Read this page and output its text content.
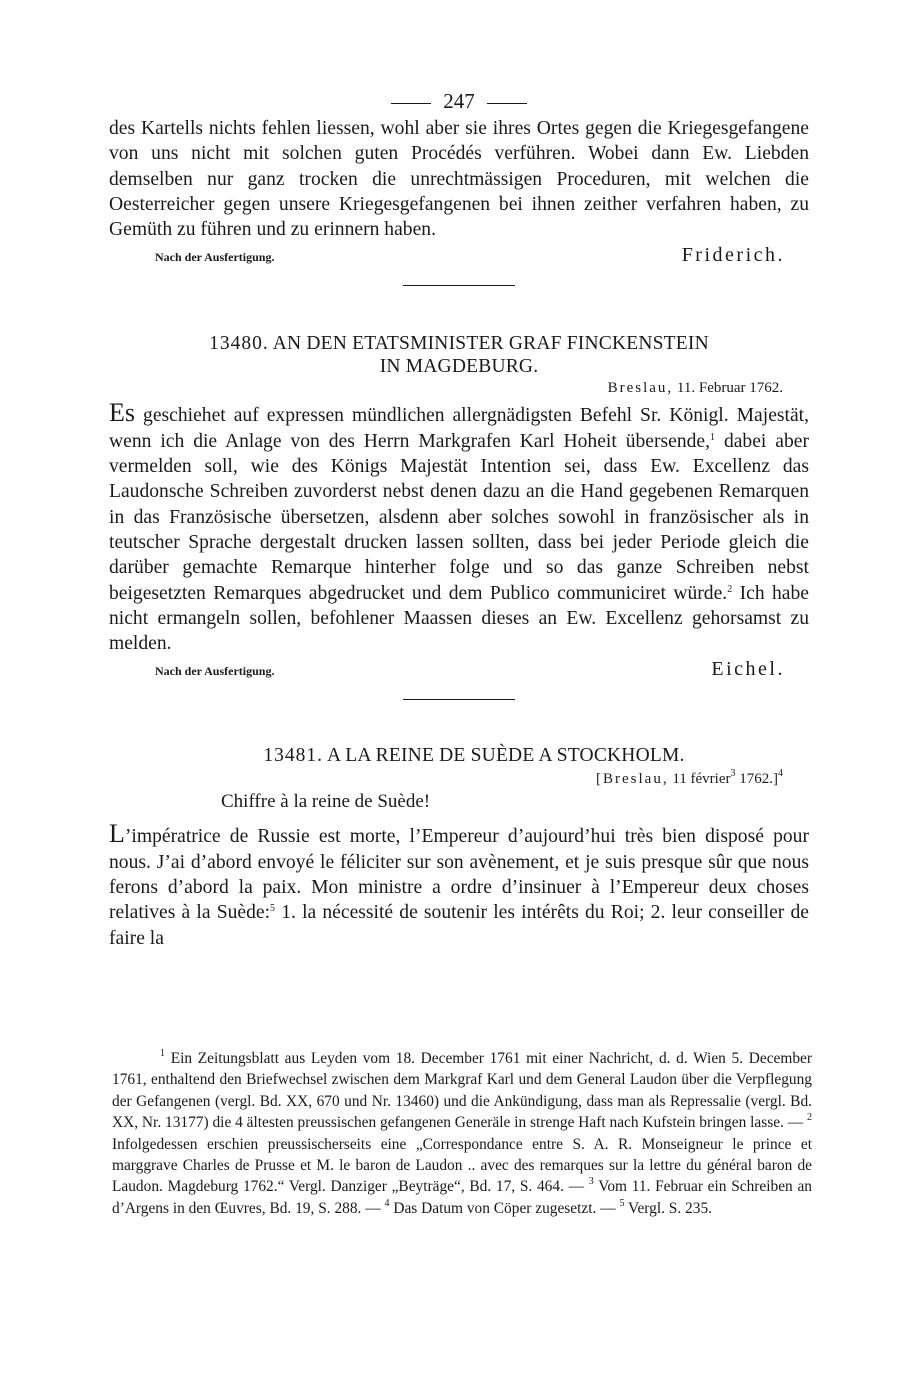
247

des Kartells nichts fehlen liessen, wohl aber sie ihres Ortes gegen die Kriegesgefangene von uns nicht mit solchen guten Procédés verführen. Wobei dann Ew. Liebden demselben nur ganz trocken die unrechtmässigen Proceduren, mit welchen die Oesterreicher gegen unsere Kriegesgefangenen bei ihnen zeither verfahren haben, zu Gemüth zu führen und zu erinnern haben.

Nach der Ausfertigung.	Friderich.
13480. AN DEN ETATSMINISTER GRAF FINCKENSTEIN
IN MAGDEBURG.
Breslau, 11. Februar 1762.

Es geschiehet auf expressen mündlichen allergnädigsten Befehl Sr. Königl. Majestät, wenn ich die Anlage von des Herrn Markgrafen Karl Hoheit übersende,$^1$ dabei aber vermelden soll, wie des Königs Majestät Intention sei, dass Ew. Excellenz das Laudonsche Schreiben zuvorderst nebst denen dazu an die Hand gegebenen Remarquen in das Französische übersetzen, alsdenn aber solches sowohl in französischer als in teutscher Sprache dergestalt drucken lassen sollten, dass bei jeder Periode gleich die darüber gemachte Remarque hinterher folge und so das ganze Schreiben nebst beigesetzten Remarques abgedrucket und dem Publico communiciret würde.$^2$ Ich habe nicht ermangeln sollen, befohlener Maassen dieses an Ew. Excellenz gehorsamst zu melden.

Nach der Ausfertigung.	Eichel.
13481. A LA REINE DE SUÈDE A STOCKHOLM.
[Breslau, 11 février$^3$ 1762.]$^4$
Chiffre à la reine de Suède!

L’impératrice de Russie est morte, l’Empereur d’aujourd’hui très bien disposé pour nous. J’ai d’abord envoyé le féliciter sur son avènement, et je suis presque sûr que nous ferons d’abord la paix. Mon ministre a ordre d’insinuer à l’Empereur deux choses relatives à la Suède:$^5$ 1. la nécessité de soutenir les intérêts du Roi; 2. leur conseiller de faire la

$^1$ Ein Zeitungsblatt aus Leyden vom 18. December 1761 mit einer Nachricht, d. d. Wien 5. December 1761, enthaltend den Briefwechsel zwischen dem Markgraf Karl und dem General Laudon über die Verpflegung der Gefangenen (vergl. Bd. XX, 670 und Nr. 13460) und die Ankündigung, dass man als Repressalie (vergl. Bd. XX, Nr. 13177) die 4 ältesten preussischen gefangenen Generäle in strenge Haft nach Kufstein bringen lasse. — $^2$ Infolgedessen erschien preussischerseits eine „Correspondance entre S. A. R. Monseigneur le prince et marggrave Charles de Prusse et M. le baron de Laudon .. avec des remarques sur la lettre du général baron de Laudon. Magdeburg 1762.“ Vergl. Danziger „Beyträge“, Bd. 17, S. 464. — $^3$ Vom 11. Februar ein Schreiben an d’Argens in den Œuvres, Bd. 19, S. 288. — $^4$ Das Datum von Cöper zugesetzt. — $^5$ Vergl. S. 235.
